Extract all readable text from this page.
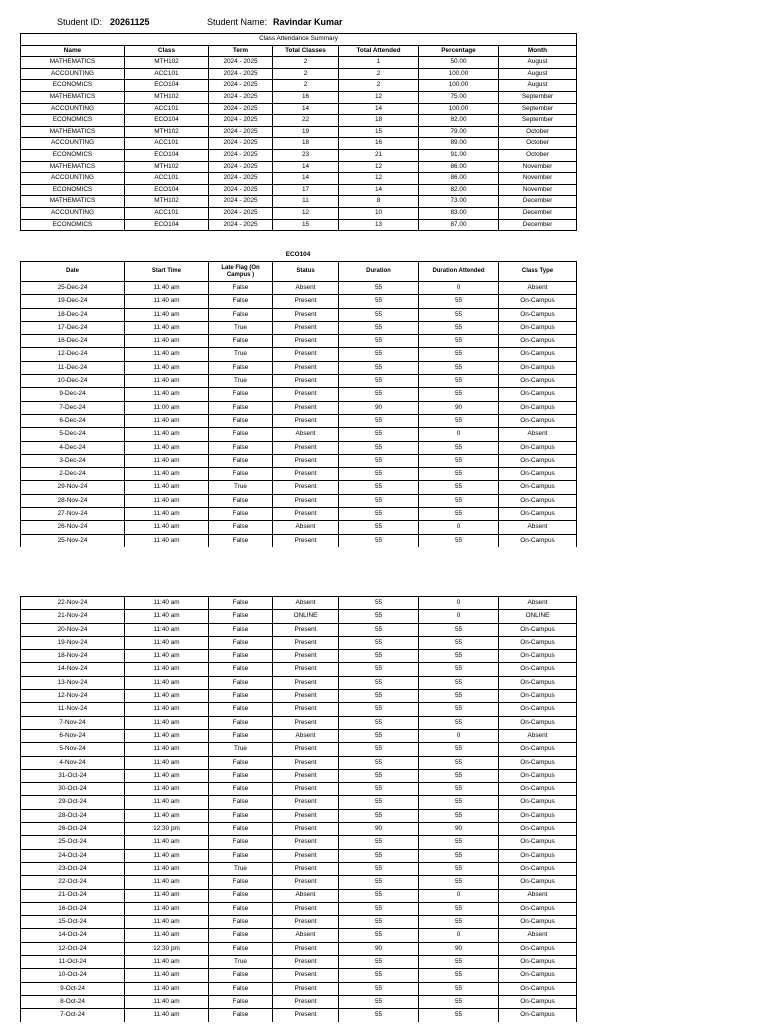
Student ID: 20261125	Student Name: Ravindar Kumar
Class Attendance Summary						
Name	Class	Term	Total Classes	Total Attended	Percentage	Month
MATHEMATICS	MTH102	2024 - 2025	2	1	50.00	August
ACCOUNTING	ACC101	2024 - 2025	2	2	100.00	August
ECONOMICS	ECO104	2024 - 2025	2	2	100.00	August
MATHEMATICS	MTH102	2024 - 2025	16	12	75.00	September
ACCOUNTING	ACC101	2024 - 2025	14	14	100.00	September
ECONOMICS	ECO104	2024 - 2025	22	18	82.00	September
MATHEMATICS	MTH102	2024 - 2025	19	15	79.00	October
ACCOUNTING	ACC101	2024 - 2025	18	16	89.00	October
ECONOMICS	ECO104	2024 - 2025	23	21	91.00	October
MATHEMATICS	MTH102	2024 - 2025	14	12	86.00	November
ACCOUNTING	ACC101	2024 - 2025	14	12	86.00	November
ECONOMICS	ECO104	2024 - 2025	17	14	82.00	November
MATHEMATICS	MTH102	2024 - 2025	11	8	73.00	December
ACCOUNTING	ACC101	2024 - 2025	12	10	83.00	December
ECONOMICS	ECO104	2024 - 2025	15	13	87.00	December
ECO104
Date	Start Time	Late Flag (On Campus )	Status	Duration	Duration Attended	Class Type
25-Dec-24	11:40 am	False	Absent	55	0	Absent
19-Dec-24	11:40 am	False	Present	55	55	On-Campus
18-Dec-24	11:40 am	False	Present	55	55	On-Campus
17-Dec-24	11:40 am	True	Present	55	55	On-Campus
16-Dec-24	11:40 am	False	Present	55	55	On-Campus
12-Dec-24	11:40 am	True	Present	55	55	On-Campus
11-Dec-24	11:40 am	False	Present	55	55	On-Campus
10-Dec-24	11:40 am	True	Present	55	55	On-Campus
9-Dec-24	11:40 am	False	Present	55	55	On-Campus
7-Dec-24	11:00 am	False	Present	90	90	On-Campus
6-Dec-24	11:40 am	False	Present	55	55	On-Campus
5-Dec-24	11:40 am	False	Absent	55	0	Absent
4-Dec-24	11:40 am	False	Present	55	55	On-Campus
3-Dec-24	11:40 am	False	Present	55	55	On-Campus
2-Dec-24	11:40 am	False	Present	55	55	On-Campus
29-Nov-24	11:40 am	True	Present	55	55	On-Campus
28-Nov-24	11:40 am	False	Present	55	55	On-Campus
27-Nov-24	11:40 am	False	Present	55	55	On-Campus
26-Nov-24	11:40 am	False	Absent	55	0	Absent
25-Nov-24	11:40 am	False	Present	55	55	On-Campus
22-Nov-24	11:40 am	False	Absent	55	0	Absent
21-Nov-24	11:40 am	False	ONLINE	55	0	ONLINE
20-Nov-24	11:40 am	False	Present	55	55	On-Campus
19-Nov-24	11:40 am	False	Present	55	55	On-Campus
18-Nov-24	11:40 am	False	Present	55	55	On-Campus
14-Nov-24	11:40 am	False	Present	55	55	On-Campus
13-Nov-24	11:40 am	False	Present	55	55	On-Campus
12-Nov-24	11:40 am	False	Present	55	55	On-Campus
11-Nov-24	11:40 am	False	Present	55	55	On-Campus
7-Nov-24	11:40 am	False	Present	55	55	On-Campus
6-Nov-24	11:40 am	False	Absent	55	0	Absent
5-Nov-24	11:40 am	True	Present	55	55	On-Campus
4-Nov-24	11:40 am	False	Present	55	55	On-Campus
31-Oct-24	11:40 am	False	Present	55	55	On-Campus
30-Oct-24	11:40 am	False	Present	55	55	On-Campus
29-Oct-24	11:40 am	False	Present	55	55	On-Campus
28-Oct-24	11:40 am	False	Present	55	55	On-Campus
26-Oct-24	12:30 pm	False	Present	90	90	On-Campus
25-Oct-24	11:40 am	False	Present	55	55	On-Campus
24-Oct-24	11:40 am	False	Present	55	55	On-Campus
23-Oct-24	11:40 am	True	Present	55	55	On-Campus
22-Oct-24	11:40 am	False	Present	55	55	On-Campus
21-Oct-24	11:40 am	False	Absent	55	0	Absent
16-Oct-24	11:40 am	False	Present	55	55	On-Campus
15-Oct-24	11:40 am	False	Present	55	55	On-Campus
14-Oct-24	11:40 am	False	Absent	55	0	Absent
12-Oct-24	12:30 pm	False	Present	90	90	On-Campus
11-Oct-24	11:40 am	True	Present	55	55	On-Campus
10-Oct-24	11:40 am	False	Present	55	55	On-Campus
9-Oct-24	11:40 am	False	Present	55	55	On-Campus
8-Oct-24	11:40 am	False	Present	55	55	On-Campus
7-Oct-24	11:40 am	False	Present	55	55	On-Campus
